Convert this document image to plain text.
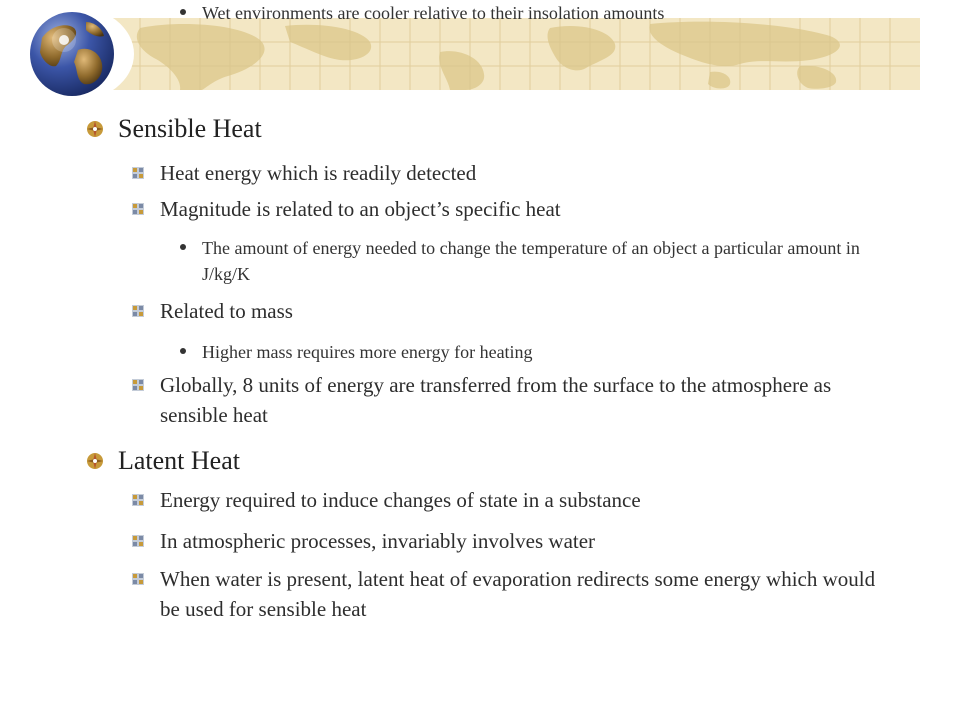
Sensible Heat
Heat energy which is readily detected
Magnitude is related to an object’s specific heat
The amount of energy needed to change the temperature of an object a particular amount in J/kg/K
Related to mass
Higher mass requires more energy for heating
Globally, 8 units of energy are transferred from the surface to the atmosphere as sensible heat
Latent Heat
Energy required to induce changes of state in a substance
In atmospheric processes, invariably involves water
When water is present, latent heat of evaporation redirects some energy which would be used for sensible heat
Wet environments are cooler relative to their insolation amounts
